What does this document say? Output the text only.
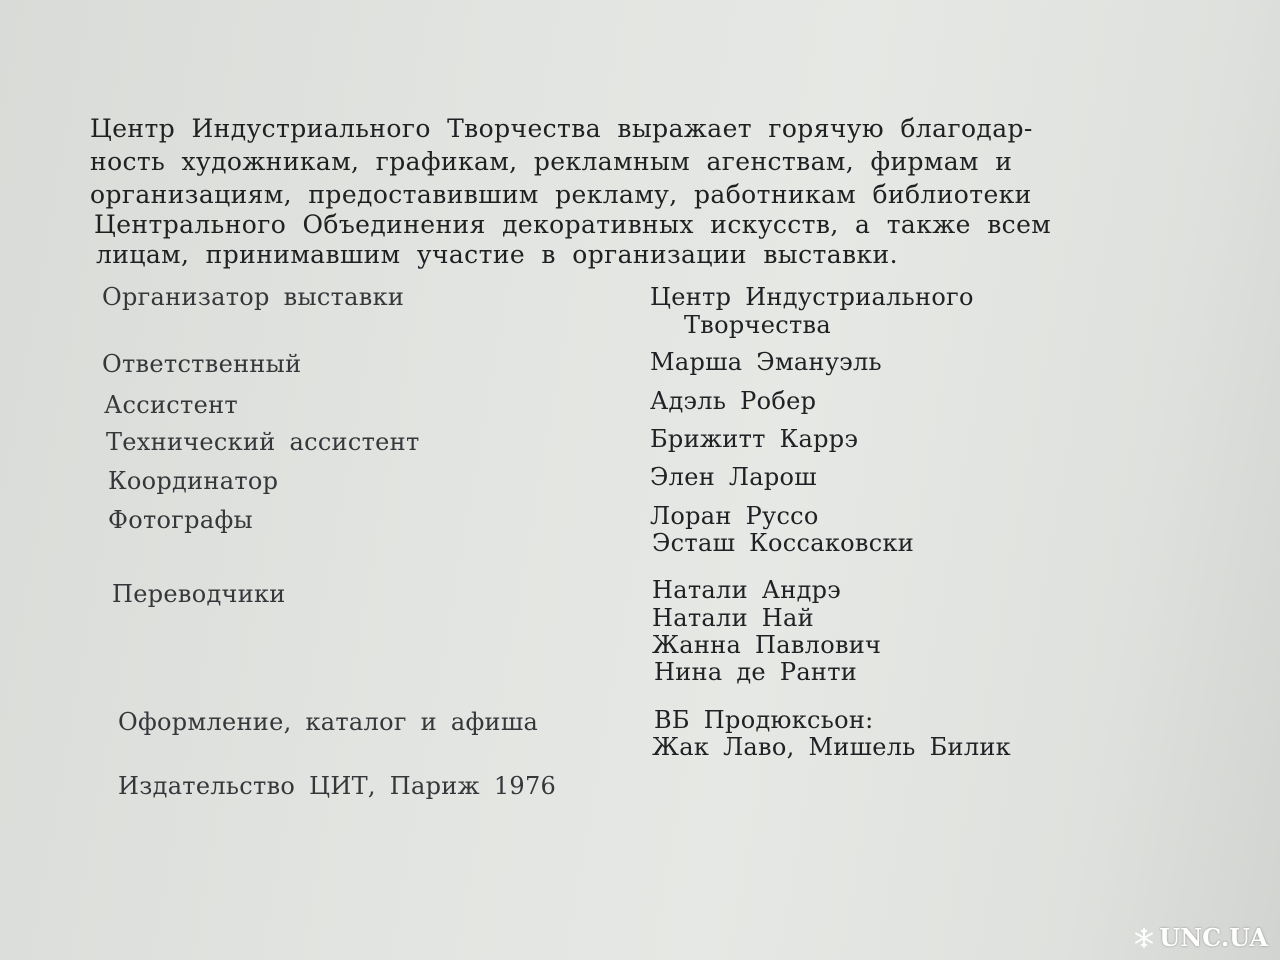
Центр Индустриального Творчества выражает горячую благодар-
ность художникам, графикам, рекламным агенствам, фирмам и
организациям, предоставившим рекламу, работникам библиотеки
Центрального Объединения декоративных искусств, а также всем
лицам, принимавшим участие в организации выставки.
Организатор выставки	Центр Индустриального
Творчества
Ответственный	Марша Эмануэль
Ассистент	Адэль Робер
Технический ассистент	Брижитт Каррэ
Координатор	Элен Ларош
Фотографы	Лоран Руссо
Эсташ Коссаковски
Переводчики	Натали Андрэ
Натали Най
Жанна Павлович
Нина де Ранти
Оформление, каталог и афиша	ВБ Продюксьон:
Жак Лаво, Мишель Билик
Издательство ЦИТ, Париж 1976
UNC.UA
